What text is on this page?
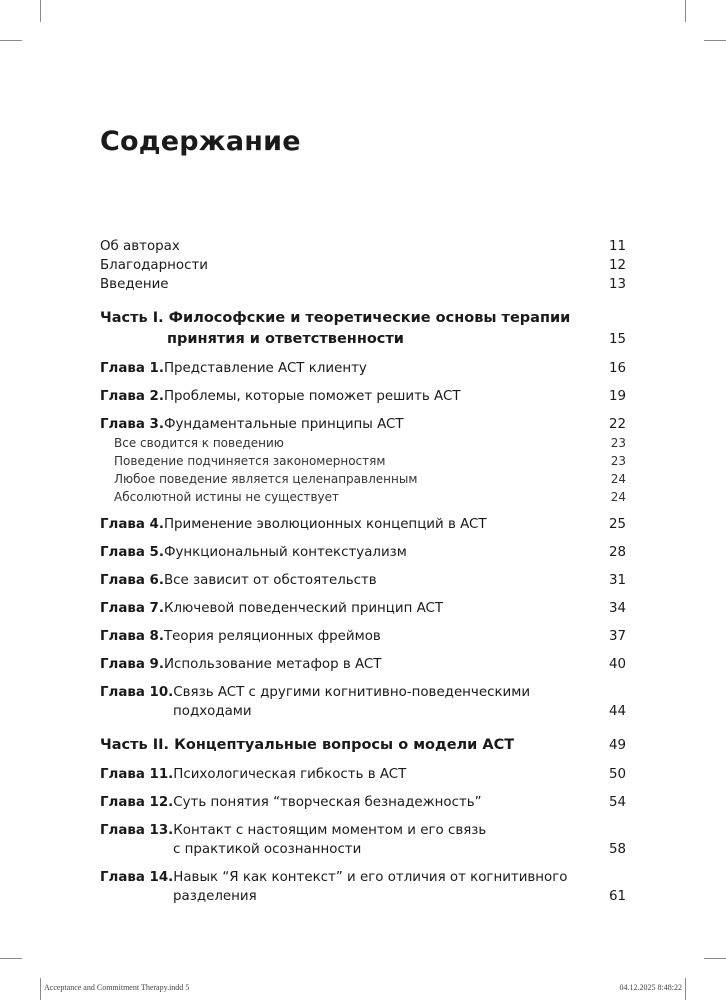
Содержание
Об авторах	11
Благодарности	12
Введение	13
Часть I. Философские и теоретические основы терапии
принятия и ответственности	15
Глава 1. Представление ACT клиенту	16
Глава 2. Проблемы, которые поможет решить ACT	19
Глава 3. Фундаментальные принципы ACT	22
Все сводится к поведению	23
Поведение подчиняется закономерностям	23
Любое поведение является целенаправленным	24
Абсолютной истины не существует	24
Глава 4. Применение эволюционных концепций в ACT	25
Глава 5. Функциональный контекстуализм	28
Глава 6. Все зависит от обстоятельств	31
Глава 7. Ключевой поведенческий принцип ACT	34
Глава 8. Теория реляционных фреймов	37
Глава 9. Использование метафор в ACT	40
Глава 10. Связь ACT с другими когнитивно-поведенческими
подходами	44
Часть II. Концептуальные вопросы о модели ACT	49
Глава 11. Психологическая гибкость в ACT	50
Глава 12. Суть понятия “творческая безнадежность”	54
Глава 13. Контакт с настоящим моментом и его связь
с практикой осознанности	58
Глава 14. Навык “Я как контекст” и его отличия от когнитивного
разделения	61
Acceptance and Commitment Therapy.indd 5	04.12.2025 8:48:22
